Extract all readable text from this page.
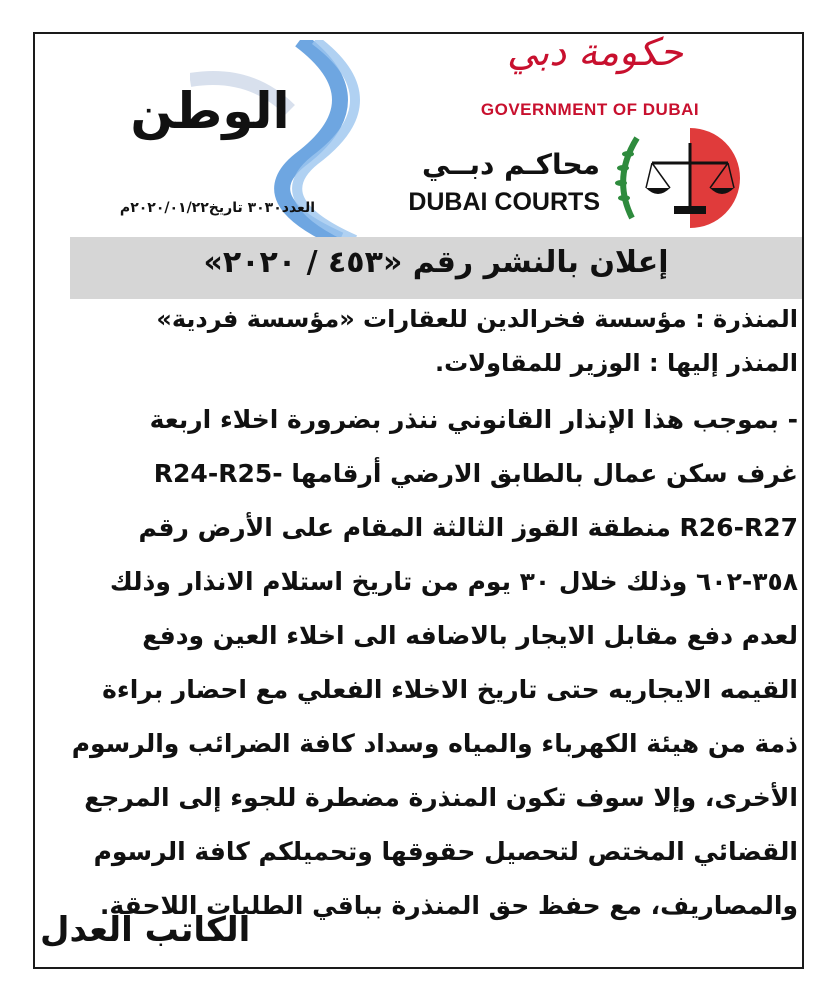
حكومة دبي
GOVERNMENT OF DUBAI
محاكـم دبــي
DUBAI COURTS
الوطن
العدد٣٠٣٠ تاريخ٢٠٢٠/٠١/٢٢م
إعلان بالنشر رقم «٤٥٣ / ٢٠٢٠»
المنذرة : مؤسسة فخرالدين للعقارات «مؤسسة فردية»
المنذر إليها : الوزير للمقاولات.
- بموجب هذا الإنذار القانوني ننذر بضرورة اخلاء اربعة
غرف سكن عمال بالطابق الارضي أرقامها -R24-R25
R26-R27 منطقة القوز الثالثة المقام على الأرض رقم
٣٥٨-٦٠٢ وذلك خلال ٣٠ يوم من تاريخ استلام الانذار وذلك
لعدم دفع مقابل الايجار بالاضافه الى اخلاء العين ودفع
القيمه الايجاريه حتى تاريخ الاخلاء الفعلي مع احضار براءة
ذمة من هيئة الكهرباء والمياه وسداد كافة الضرائب والرسوم
الأخرى، وإلا سوف تكون المنذرة مضطرة للجوء إلى المرجع
القضائي المختص لتحصيل حقوقها وتحميلكم كافة الرسوم
والمصاريف، مع حفظ حق المنذرة بباقي الطلبات اللاحقة.
الكاتب العدل
